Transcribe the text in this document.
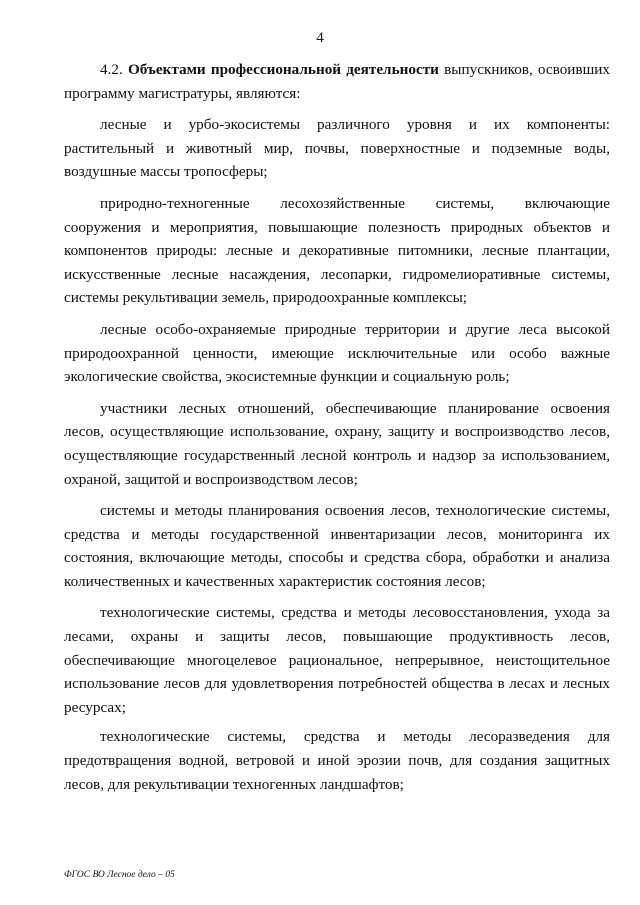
4

4.2. Объектами профессиональной деятельности выпускников, освоивших программу магистратуры, являются:

лесные и урбо-экосистемы различного уровня и их компоненты: растительный и животный мир, почвы, поверхностные и подземные воды, воздушные массы тропосферы;

природно-техногенные лесохозяйственные системы, включающие сооружения и мероприятия, повышающие полезность природных объектов и компонентов природы: лесные и декоративные питомники, лесные плантации, искусственные лесные насаждения, лесопарки, гидромелиоративные системы, системы рекультивации земель, природоохранные комплексы;

лесные особо-охраняемые природные территории и другие леса высокой природоохранной ценности, имеющие исключительные или особо важные экологические свойства, экосистемные функции и социальную роль;

участники лесных отношений, обеспечивающие планирование освоения лесов, осуществляющие использование, охрану, защиту и воспроизводство лесов, осуществляющие государственный лесной контроль и надзор за использованием, охраной, защитой и воспроизводством лесов;

системы и методы планирования освоения лесов, технологические системы, средства и методы государственной инвентаризации лесов, мониторинга их состояния, включающие методы, способы и средства сбора, обработки и анализа количественных и качественных характеристик состояния лесов;

технологические системы, средства и методы лесовосстановления, ухода за лесами, охраны и защиты лесов, повышающие продуктивность лесов, обеспечивающие многоцелевое рациональное, непрерывное, неистощительное использование лесов для удовлетворения потребностей общества в лесах и лесных ресурсах;

технологические системы, средства и методы лесоразведения для предотвращения водной, ветровой и иной эрозии почв, для создания защитных лесов, для рекультивации техногенных ландшафтов;

ФГОС ВО Лесное дело – 05
